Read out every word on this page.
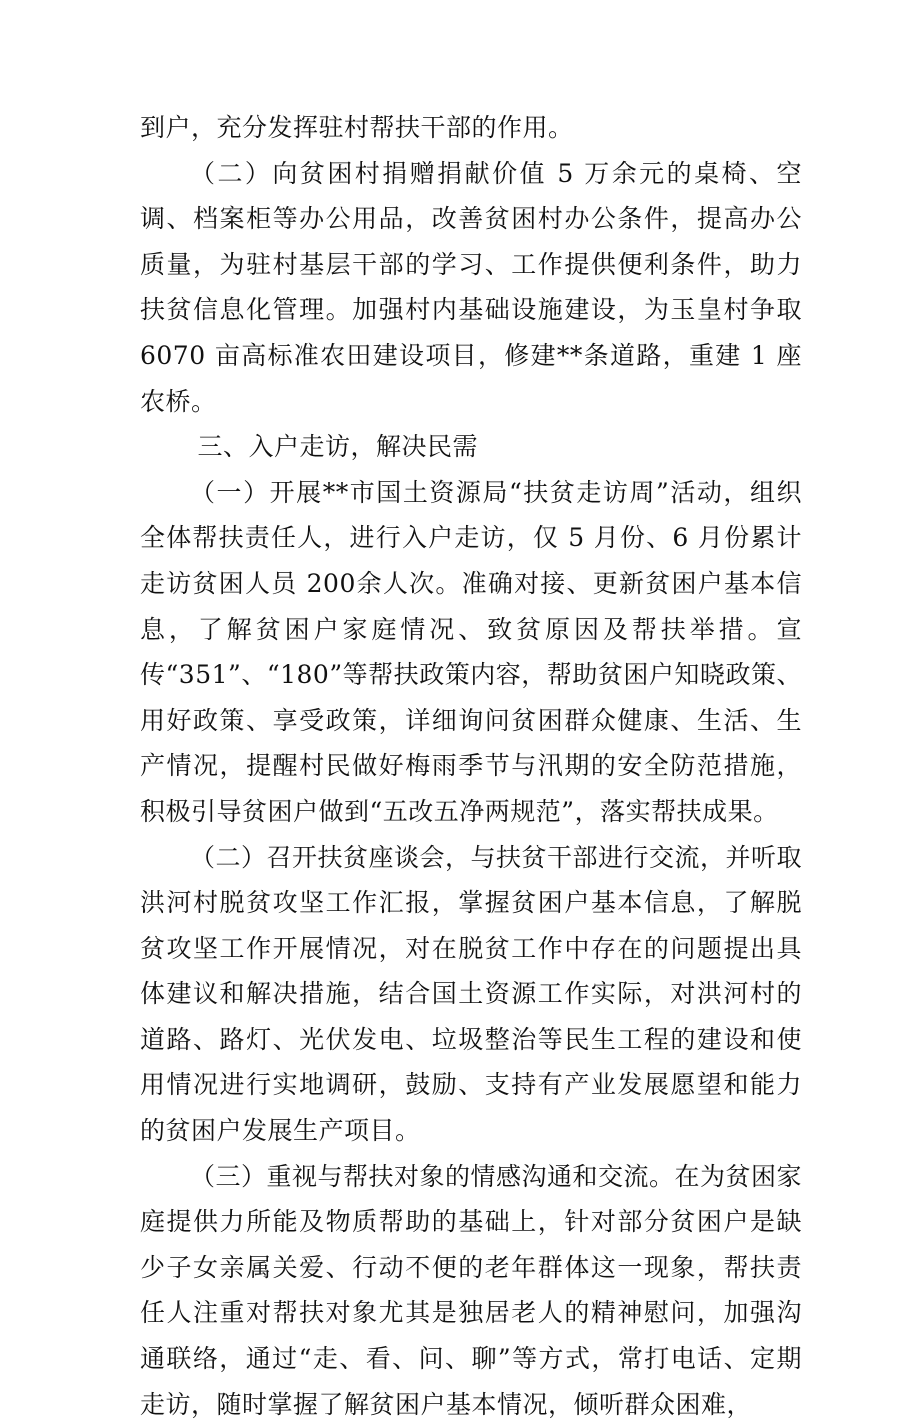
到户，充分发挥驻村帮扶干部的作用。

（二）向贫困村捐赠捐献价值 5 万余元的桌椅、空调、档案柜等办公用品，改善贫困村办公条件，提高办公质量，为驻村基层干部的学习、工作提供便利条件，助力扶贫信息化管理。加强村内基础设施建设，为玉皇村争取 6070 亩高标准农田建设项目，修建**条道路，重建 1 座农桥。

三、入户走访，解决民需

（一）开展**市国土资源局“扶贫走访周”活动，组织全体帮扶责任人，进行入户走访，仅 5 月份、6 月份累计走访贫困人员 200余人次。准确对接、更新贫困户基本信息，了解贫困户家庭情况、致贫原因及帮扶举措。宣传“351”、“180”等帮扶政策内容，帮助贫困户知晓政策、用好政策、享受政策，详细询问贫困群众健康、生活、生产情况，提醒村民做好梅雨季节与汛期的安全防范措施，积极引导贫困户做到“五改五净两规范”，落实帮扶成果。

（二）召开扶贫座谈会，与扶贫干部进行交流，并听取洪河村脱贫攻坚工作汇报，掌握贫困户基本信息，了解脱贫攻坚工作开展情况，对在脱贫工作中存在的问题提出具体建议和解决措施，结合国土资源工作实际，对洪河村的道路、路灯、光伏发电、垃圾整治等民生工程的建设和使用情况进行实地调研，鼓励、支持有产业发展愿望和能力的贫困户发展生产项目。

（三）重视与帮扶对象的情感沟通和交流。在为贫困家庭提供力所能及物质帮助的基础上，针对部分贫困户是缺少子女亲属关爱、行动不便的老年群体这一现象，帮扶责任人注重对帮扶对象尤其是独居老人的精神慰问，加强沟通联络，通过“走、看、问、聊”等方式，常打电话、定期走访，随时掌握了解贫困户基本情况，倾听群众困难，
